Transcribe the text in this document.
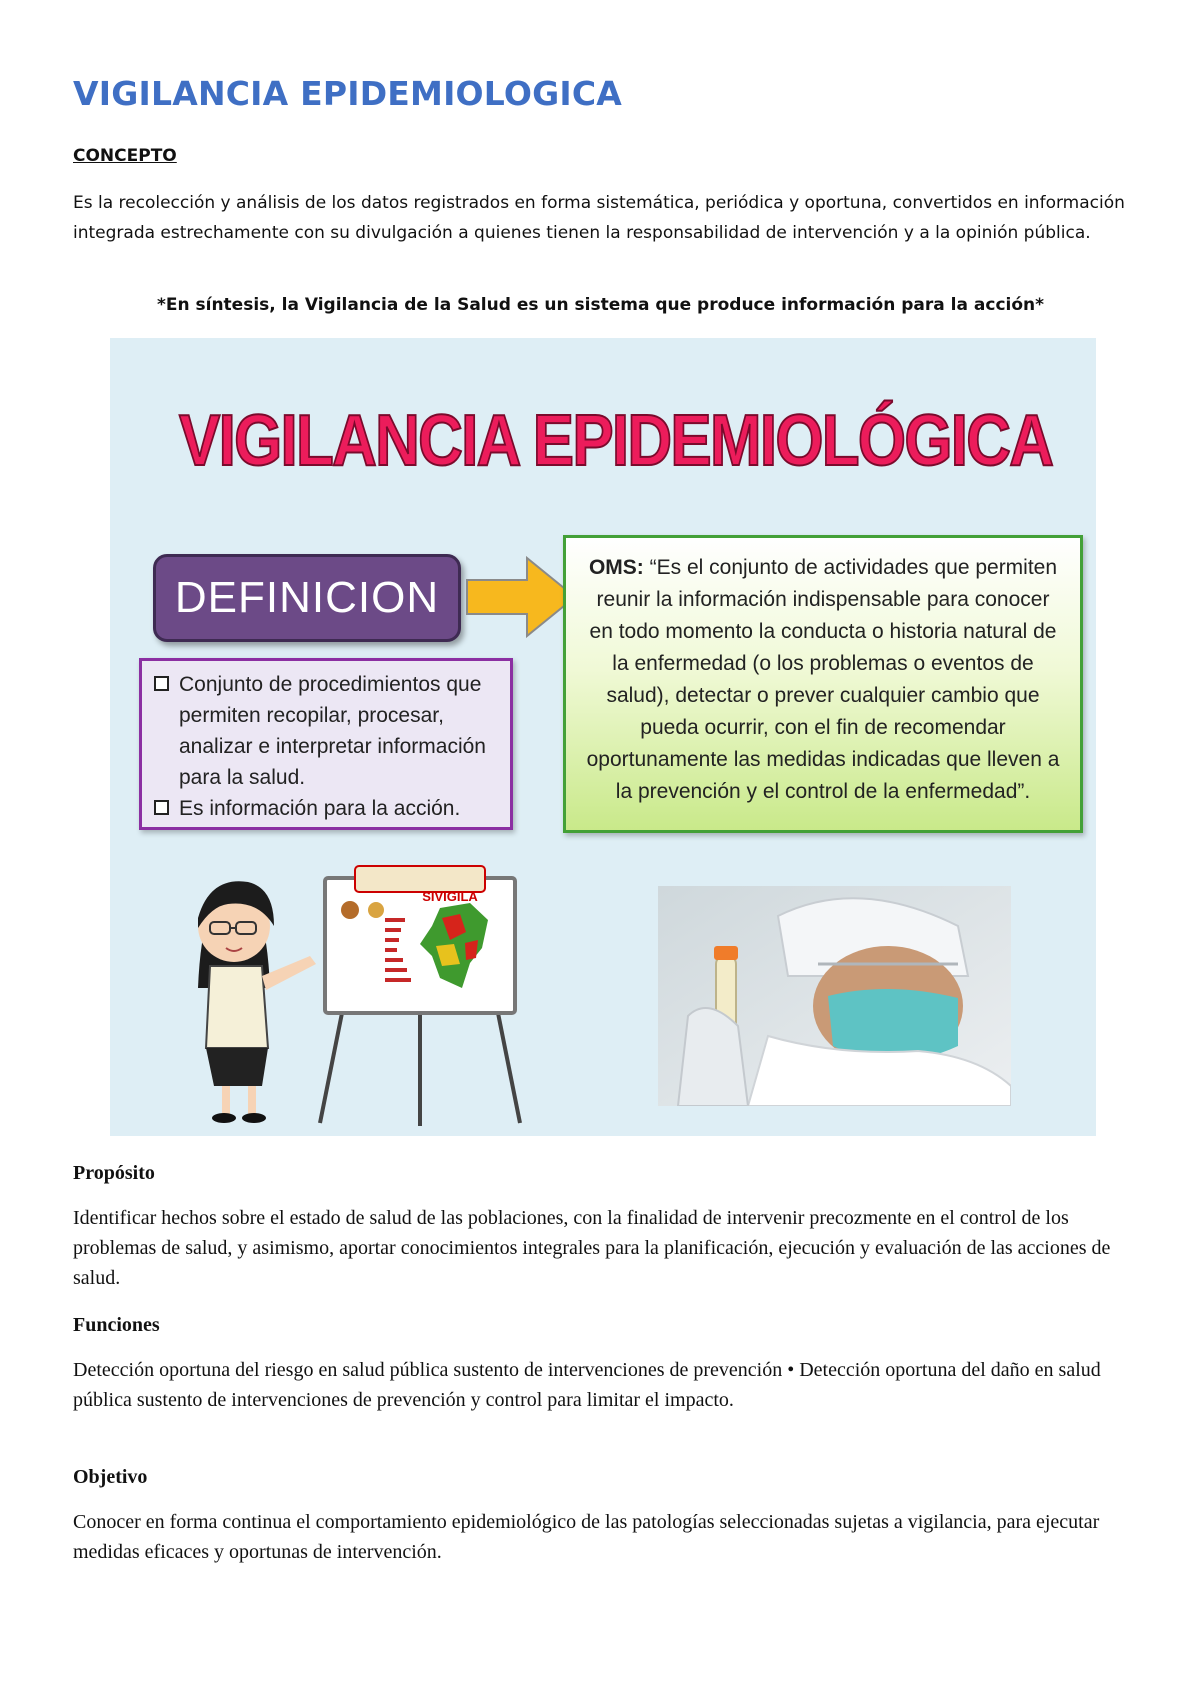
VIGILANCIA EPIDEMIOLOGICA
CONCEPTO

Es la recolección y análisis de los datos registrados en forma sistemática, periódica y oportuna, convertidos en información integrada estrechamente con su divulgación a quienes tienen la responsabilidad de intervención y a la opinión pública.

*En síntesis, la Vigilancia de la Salud es un sistema que produce información para la acción*
VIGILANCIA EPIDEMIOLÓGICA
DEFINICION
Conjunto de procedimientos que permiten recopilar, procesar, analizar e interpretar información para la salud.
Es información para la acción.
OMS: “Es el conjunto de actividades que permiten reunir la información indispensable para conocer en todo momento la conducta o historia natural de la enfermedad (o los problemas o eventos de salud), detectar o prever cualquier cambio que pueda ocurrir, con el fin de recomendar oportunamente las medidas indicadas que lleven a la prevención y el control de la enfermedad”.
SIVIGILA
Propósito

Identificar hechos sobre el estado de salud de las poblaciones, con la finalidad de intervenir precozmente en el control de los problemas de salud, y asimismo, aportar conocimientos integrales para la planificación, ejecución y evaluación de las acciones de salud.

Funciones

Detección oportuna del riesgo en salud pública sustento de intervenciones de prevención • Detección oportuna del daño en salud pública sustento de intervenciones de prevención y control para limitar el impacto.

Objetivo

Conocer en forma continua el comportamiento epidemiológico de las patologías seleccionadas sujetas a vigilancia, para ejecutar medidas eficaces y oportunas de intervención.
